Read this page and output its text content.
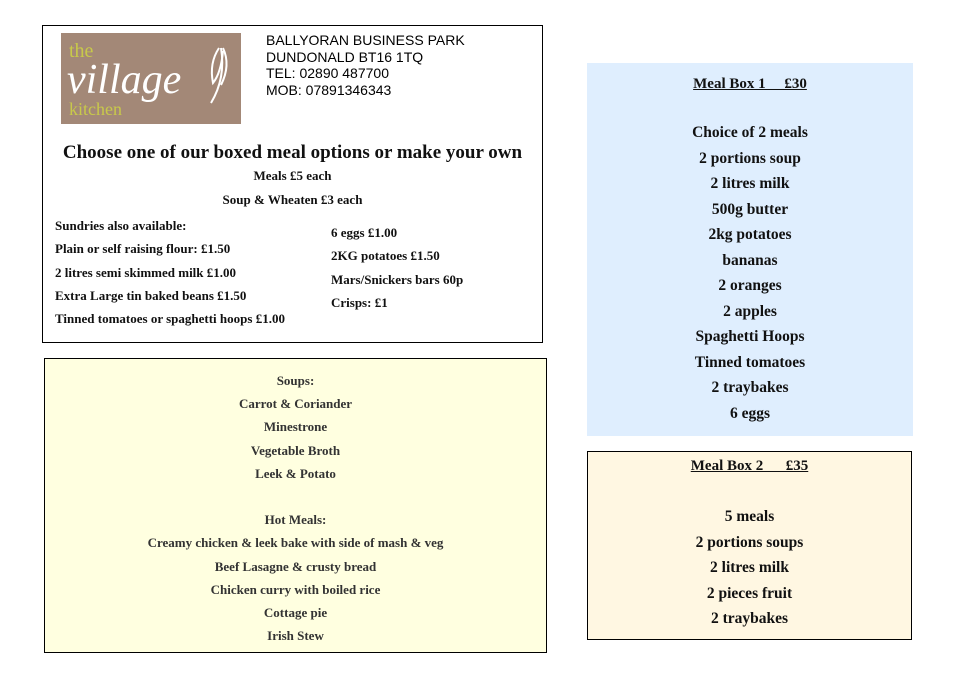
the
village
kitchen
BALLYORAN BUSINESS PARK
DUNDONALD BT16 1TQ
TEL: 02890 487700
MOB: 07891346343
Choose one of our boxed meal options or make your own
Meals £5 each
Soup & Wheaten £3 each
Sundries also available:
Plain or self raising flour: £1.50
2 litres semi skimmed milk £1.00
Extra Large tin baked beans £1.50
Tinned tomatoes or spaghetti hoops £1.00
6 eggs £1.00
2KG potatoes £1.50
Mars/Snickers bars 60p
Crisps: £1
Soups:
Carrot & Coriander
Minestrone
Vegetable Broth
Leek & Potato
Hot Meals:
Creamy chicken & leek bake with side of mash & veg
Beef Lasagne & crusty bread
Chicken curry with boiled rice
Cottage pie
Irish Stew
Meal Box 1     £30
Choice of 2 meals
2 portions soup
2 litres milk
500g butter
2kg potatoes
bananas
2 oranges
2 apples
Spaghetti Hoops
Tinned tomatoes
2 traybakes
6 eggs
Meal Box 2      £35
5 meals
2 portions soups
2 litres milk
2 pieces fruit
2 traybakes
